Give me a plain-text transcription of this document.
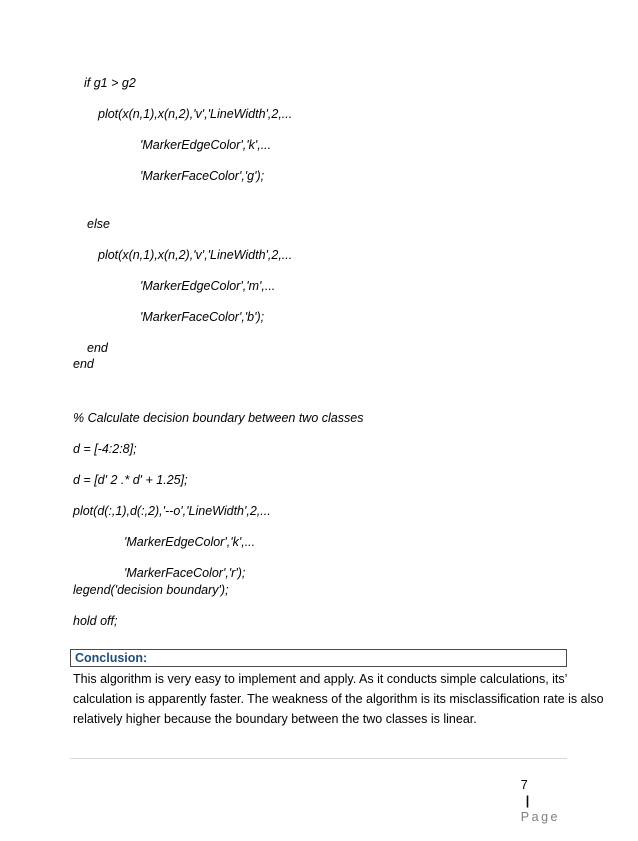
if g1 > g2
plot(x(n,1),x(n,2),'v','LineWidth',2,...
'MarkerEdgeColor','k',...
'MarkerFaceColor','g');
else
plot(x(n,1),x(n,2),'v','LineWidth',2,...
'MarkerEdgeColor','m',...
'MarkerFaceColor','b');
end
end
% Calculate decision boundary between two classes
d = [-4:2:8];
d = [d' 2 .* d' + 1.25];
plot(d(:,1),d(:,2),'--o','LineWidth',2,...
'MarkerEdgeColor','k',...
'MarkerFaceColor','r');
legend('decision boundary');
hold off;
Conclusion:
This algorithm is very easy to implement and apply. As it conducts simple calculations, its’
calculation is apparently faster. The weakness of the algorithm is its misclassification rate is also
relatively higher because the boundary between the two classes is linear.

7
|
Page
